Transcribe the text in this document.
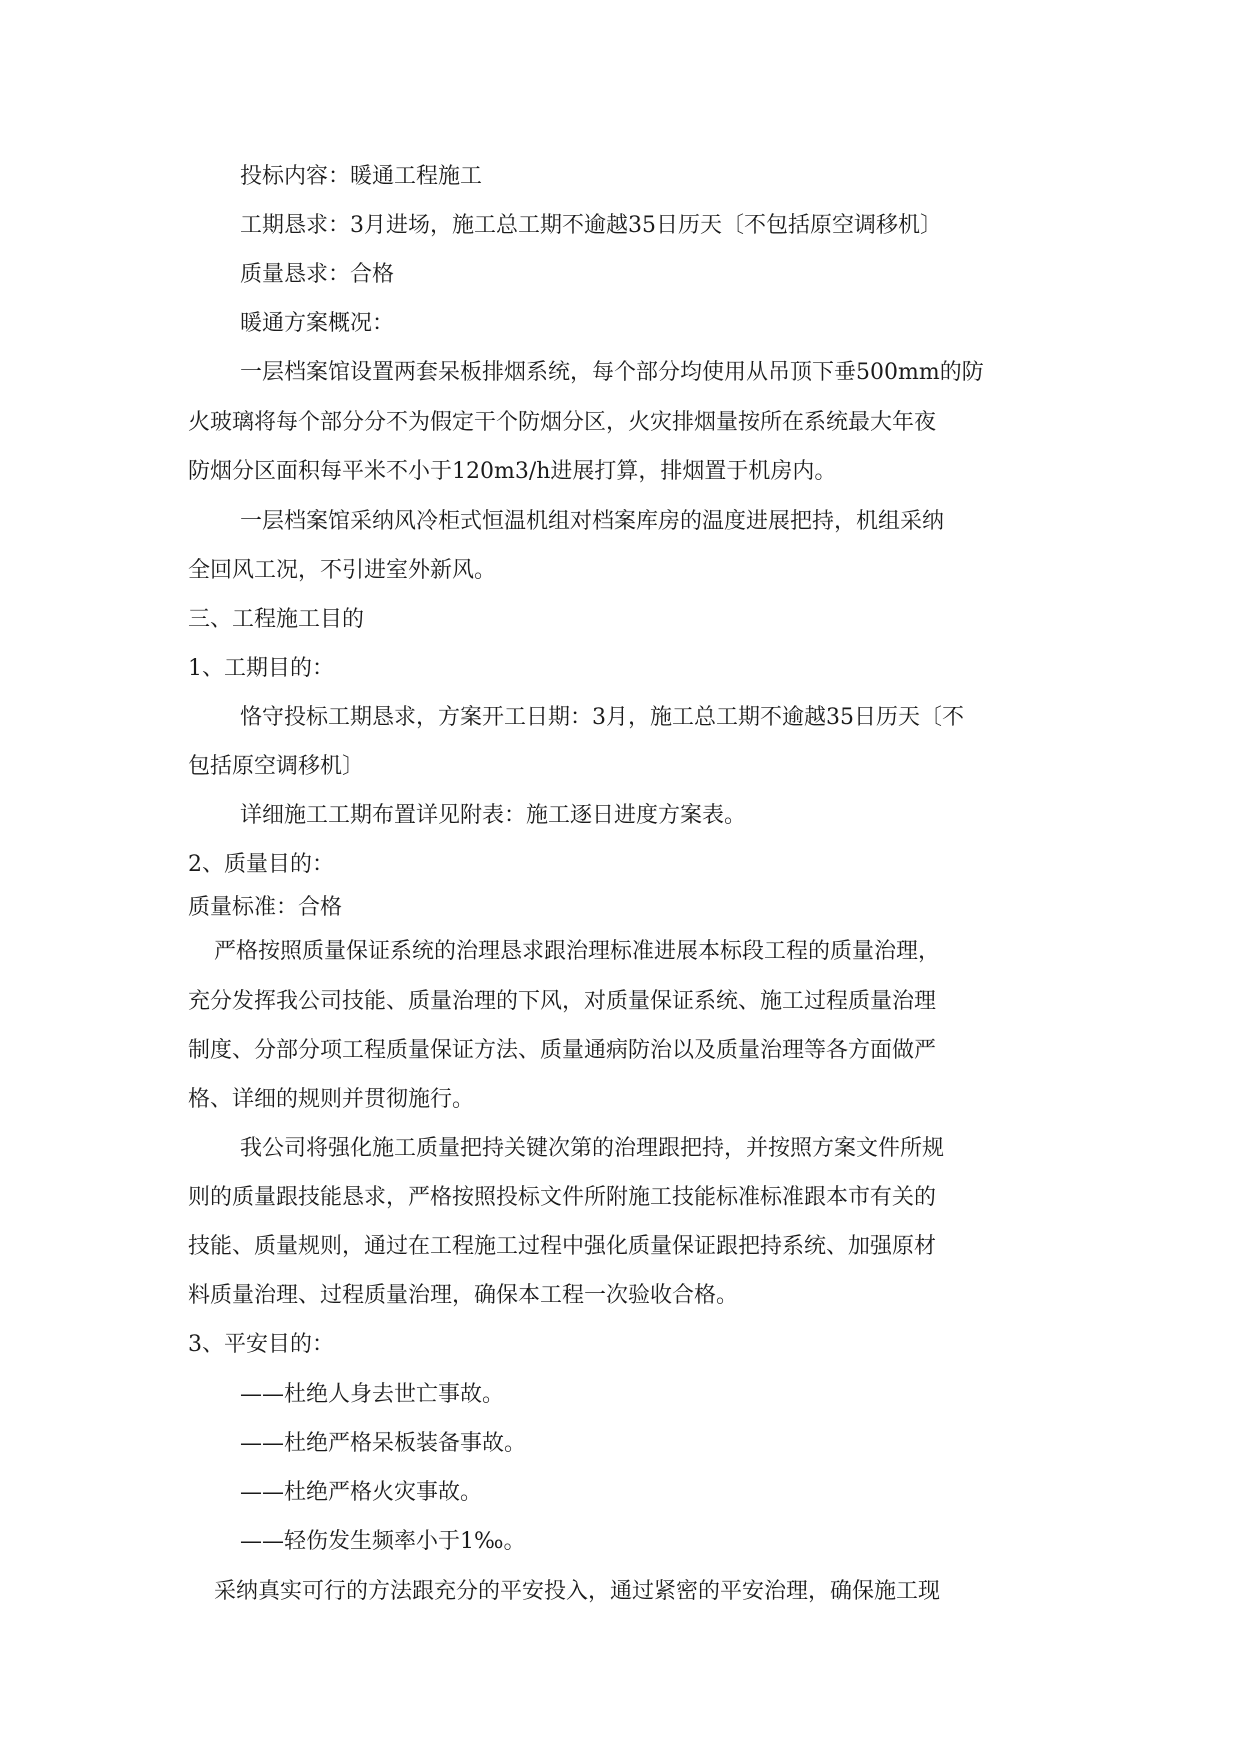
投标内容：暖通工程施工
工期恳求：3月进场，施工总工期不逾越35日历天〔不包括原空调移机〕
质量恳求：合格
暖通方案概况：
一层档案馆设置两套呆板排烟系统，每个部分均使用从吊顶下垂500mm的防
火玻璃将每个部分分不为假定干个防烟分区，火灾排烟量按所在系统最大年夜
防烟分区面积每平米不小于120m3/h进展打算，排烟置于机房内。
一层档案馆采纳风冷柜式恒温机组对档案库房的温度进展把持，机组采纳
全回风工况，不引进室外新风。
三、工程施工目的
1、工期目的：
恪守投标工期恳求，方案开工日期：3月，施工总工期不逾越35日历天〔不
包括原空调移机〕
详细施工工期布置详见附表：施工逐日进度方案表。
2、质量目的：
质量标准：合格
严格按照质量保证系统的治理恳求跟治理标准进展本标段工程的质量治理，
充分发挥我公司技能、质量治理的下风，对质量保证系统、施工过程质量治理
制度、分部分项工程质量保证方法、质量通病防治以及质量治理等各方面做严
格、详细的规则并贯彻施行。
我公司将强化施工质量把持关键次第的治理跟把持，并按照方案文件所规
则的质量跟技能恳求，严格按照投标文件所附施工技能标准标准跟本市有关的
技能、质量规则，通过在工程施工过程中强化质量保证跟把持系统、加强原材
料质量治理、过程质量治理，确保本工程一次验收合格。
3、平安目的：
——杜绝人身去世亡事故。
——杜绝严格呆板装备事故。
——杜绝严格火灾事故。
——轻伤发生频率小于1‰。
采纳真实可行的方法跟充分的平安投入，通过紧密的平安治理，确保施工现
